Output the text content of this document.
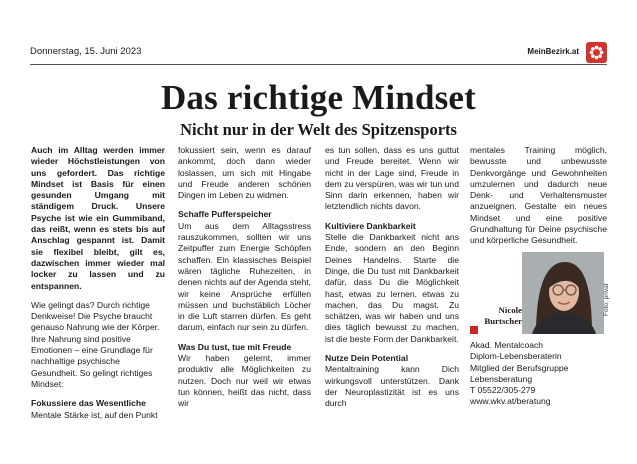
Donnerstag, 15. Juni 2023	MeinBezirk.at
Das richtige Mindset
Nicht nur in der Welt des Spitzensports

Auch im Alltag werden immer wieder Höchstleistungen von uns gefordert. Das richtige Mindset ist Basis für einen gesunden Umgang mit ständigem Druck. Unsere Psyche ist wie ein Gummiband, das reißt, wenn es stets bis auf Anschlag gespannt ist. Damit sie flexibel bleibt, gilt es, dazwischen immer wieder mal locker zu lassen und zu entspannen.

Wie gelingt das? Durch richtige Denkweise! Die Psyche braucht genauso Nahrung wie der Körper. Ihre Nahrung sind positive Emotionen – eine Grundlage für nachhaltige psychische Gesundheit. So gelingt richtiges Mindset:

Fokussiere das Wesentliche
Mentale Stärke ist, auf den Punkt

fokussiert sein, wenn es darauf ankommt, doch dann wieder loslassen, um sich mit Hingabe und Freude anderen schönen Dingen im Leben zu widmen.

Schaffe Pufferspeicher

Um aus dem Alltagsstress rauszukommen, sollten wir uns Zeitpuffer zum Energie Schöpfen schaffen. Ein klassisches Beispiel wären tägliche Ruhezeiten, in denen nichts auf der Agenda steht, wir keine Ansprüche erfüllen müssen und buchstäblich Löcher in die Luft starren dürfen. Es geht darum, einfach nur sein zu dürfen.

Was Du tust, tue mit Freude
Wir haben gelernt, immer produktiv alle Möglichkeiten zu nutzen. Doch nur weil wir etwas tun können, heißt das nicht, dass wir

es tun sollen, dass es uns guttut und Freude bereitet. Wenn wir nicht in der Lage sind, Freude in dem zu verspüren, was wir tun und Sinn darin erkennen, haben wir letztendlich nichts davon.

Kultiviere Dankbarkeit

Stelle die Dankbarkeit nicht ans Ende, sondern an den Beginn Deines Handelns. Starte die Dinge, die Du tust mit Dankbarkeit dafür, dass Du die Möglichkeit hast, etwas zu lernen, etwas zu machen, das Du magst. Zu schätzen, was wir haben und uns dies täglich bewusst zu machen, ist die beste Form der Dankbarkeit.

Nutze Dein Potential
Mentaltraining kann Dich wirkungsvoll unterstützen. Dank der Neuroplastizität ist es uns durch

mentales Training möglich, bewusste und unbewusste Denkvorgänge und Gewohnheiten umzulernen und dadurch neue Denk- und Verhaltensmuster anzueignen. Gestalte ein neues Mindset und eine positive Grundhaltung für Deine psychische und körperliche Gesundheit.

Foto: privat
Nicole
Burtscher
Akad. Mentalcoach
Diplom-Lebensberaterin
Mitglied der Berufsgruppe
Lebensberatung
T 05522/305-279
www.wkv.at/beratung
